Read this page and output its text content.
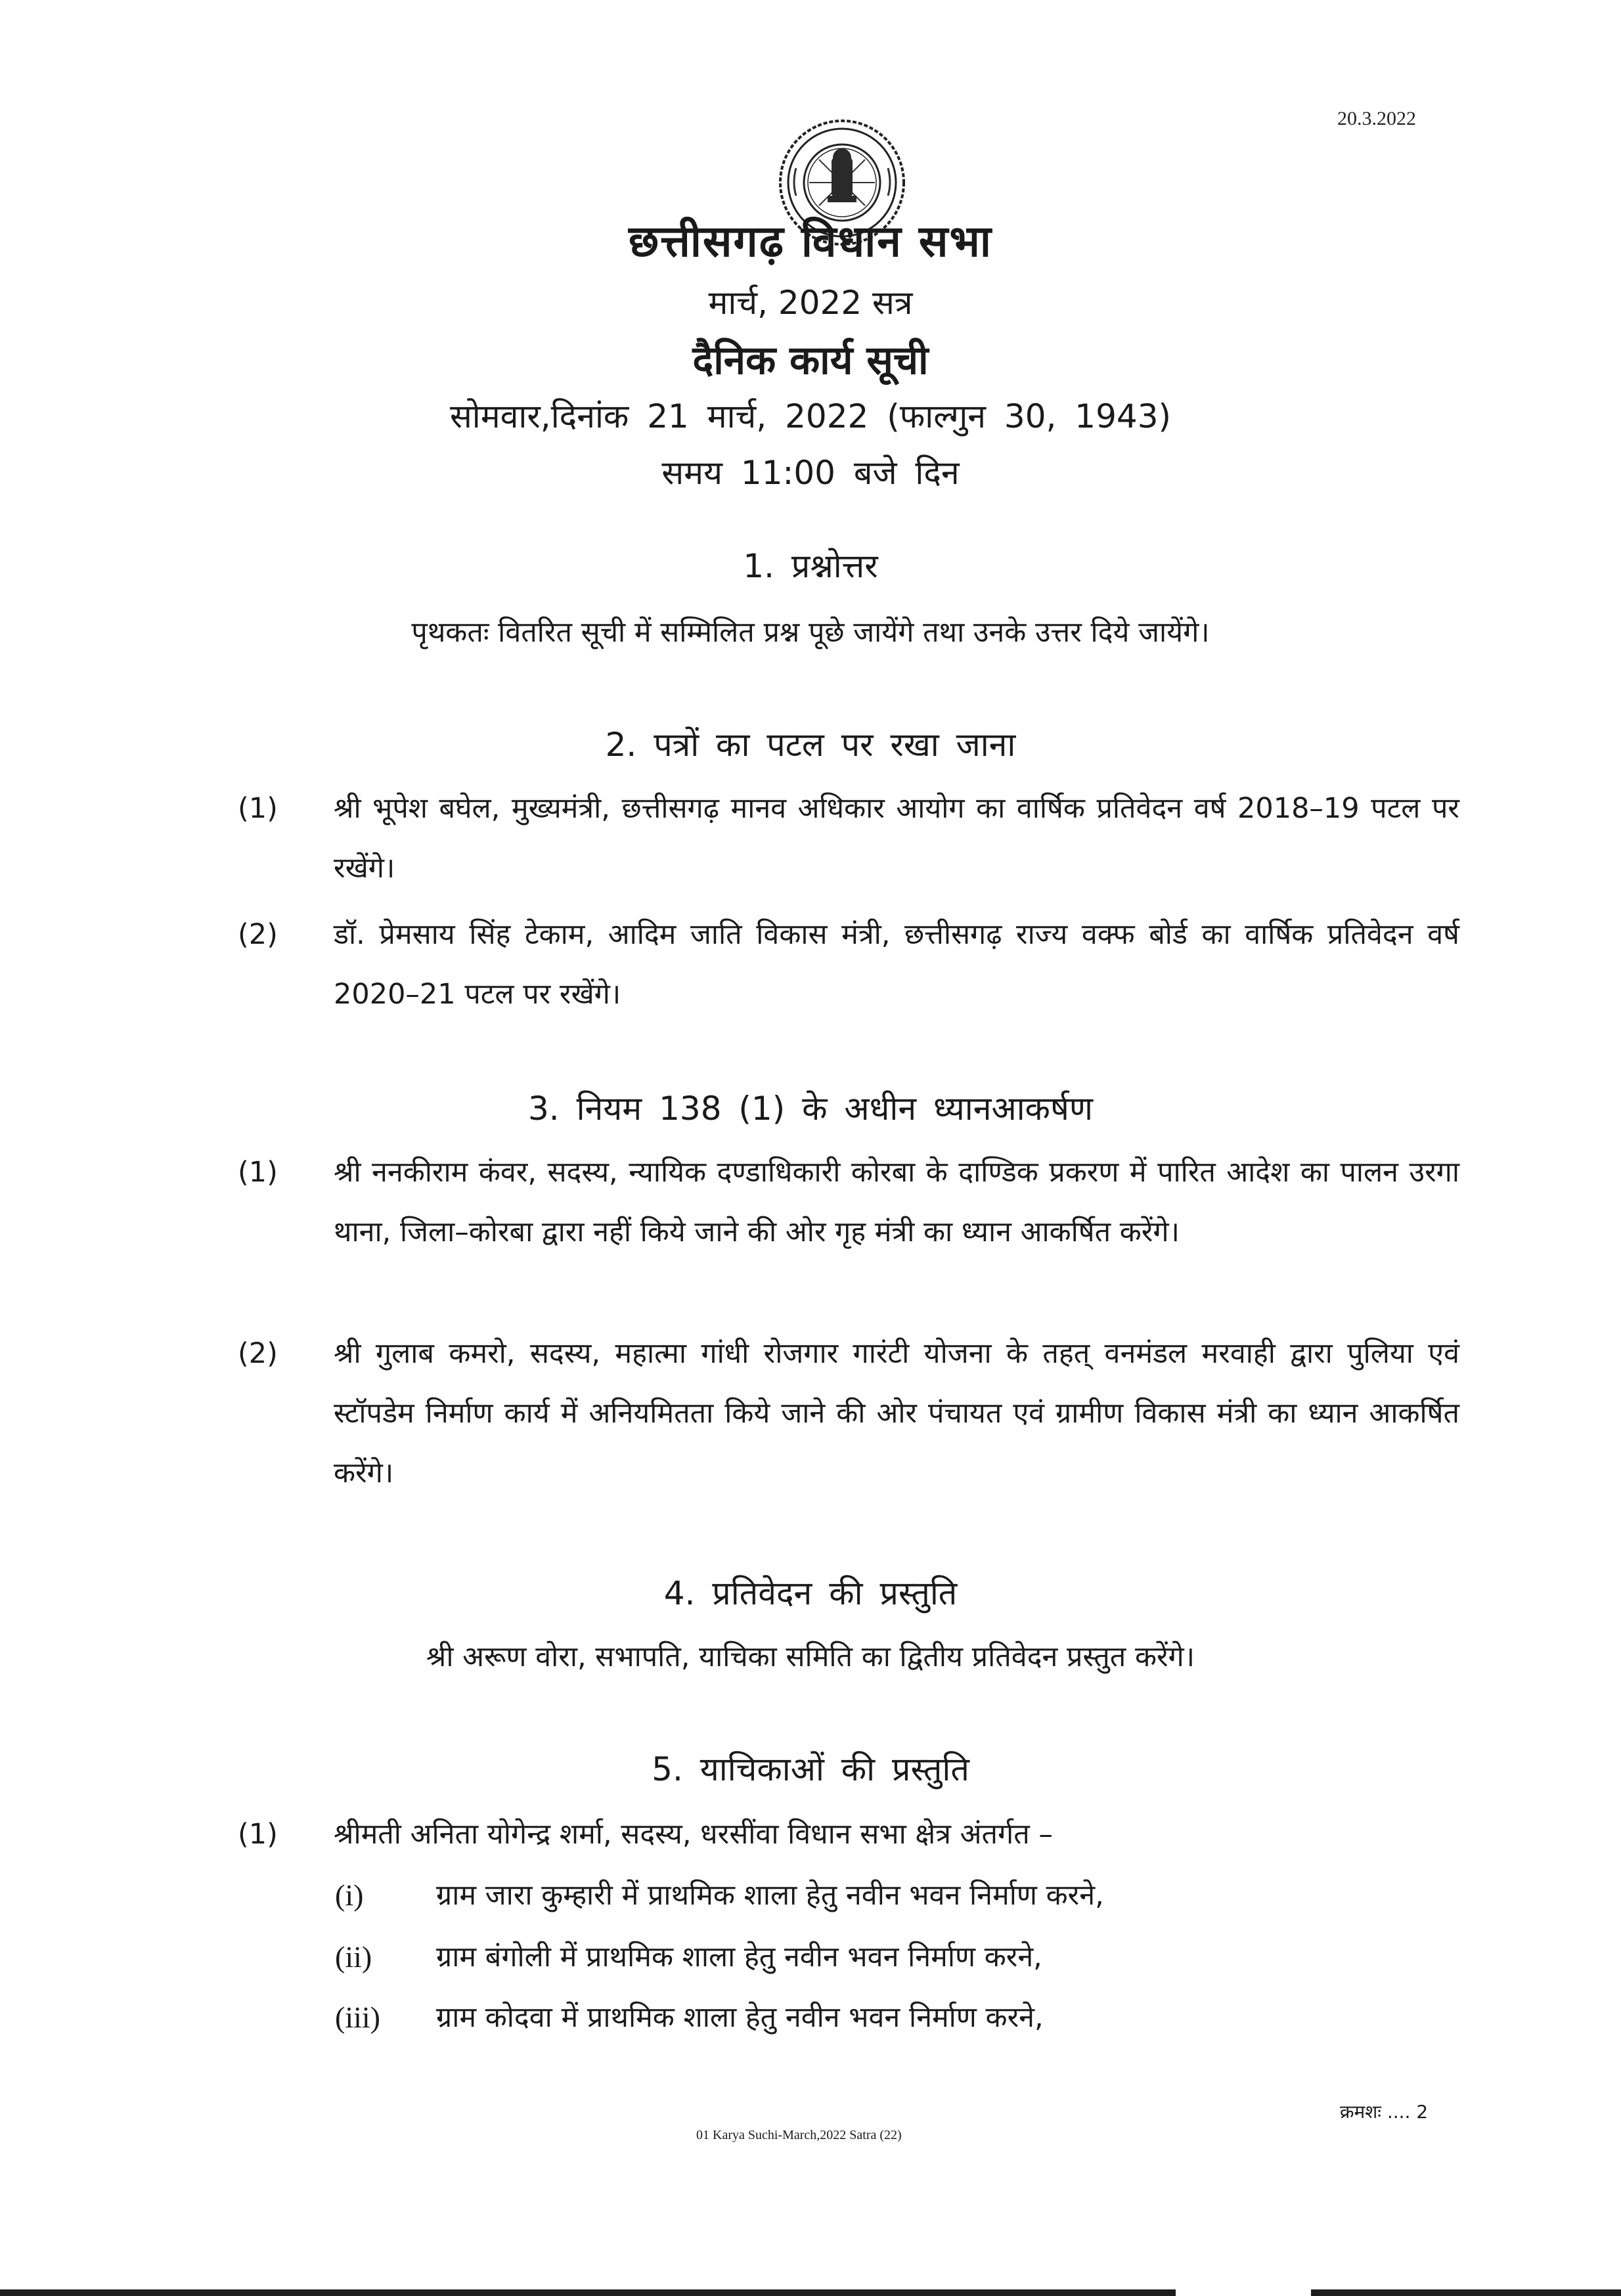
20.3.2022
छत्तीसगढ़ विधान सभा
मार्च, 2022 सत्र
दैनिक कार्य सूची
सोमवार,दिनांक 21 मार्च, 2022 (फाल्गुन 30, 1943)
समय 11:00 बजे दिन
1. प्रश्नोत्तर
पृथकतः वितरित सूची में सम्मिलित प्रश्न पूछे जायेंगे तथा उनके उत्तर दिये जायेंगे।
2. पत्रों का पटल पर रखा जाना
(1) श्री भूपेश बघेल, मुख्यमंत्री, छत्तीसगढ़ मानव अधिकार आयोग का वार्षिक प्रतिवेदन वर्ष 2018–19 पटल पर रखेंगे।
(2) डॉ. प्रेमसाय सिंह टेकाम, आदिम जाति विकास मंत्री, छत्तीसगढ़ राज्य वक्फ बोर्ड का वार्षिक प्रतिवेदन वर्ष 2020–21 पटल पर रखेंगे।
3. नियम 138 (1) के अधीन ध्यानआकर्षण
(1) श्री ननकीराम कंवर, सदस्य, न्यायिक दण्डाधिकारी कोरबा के दाण्डिक प्रकरण में पारित आदेश का पालन उरगा थाना, जिला–कोरबा द्वारा नहीं किये जाने की ओर गृह मंत्री का ध्यान आकर्षित करेंगे।
(2) श्री गुलाब कमरो, सदस्य, महात्मा गांधी रोजगार गारंटी योजना के तहत् वनमंडल मरवाही द्वारा पुलिया एवं स्टॉपडेम निर्माण कार्य में अनियमितता किये जाने की ओर पंचायत एवं ग्रामीण विकास मंत्री का ध्यान आकर्षित करेंगे।
4. प्रतिवेदन की प्रस्तुति
श्री अरूण वोरा, सभापति, याचिका समिति का द्वितीय प्रतिवेदन प्रस्तुत करेंगे।
5. याचिकाओं की प्रस्तुति
(1) श्रीमती अनिता योगेन्द्र शर्मा, सदस्य, धरसींवा विधान सभा क्षेत्र अंतर्गत –
(i)	ग्राम जारा कुम्हारी में प्राथमिक शाला हेतु नवीन भवन निर्माण करने,
(ii) ग्राम बंगोली में प्राथमिक शाला हेतु नवीन भवन निर्माण करने,
(iii) ग्राम कोदवा में प्राथमिक शाला हेतु नवीन भवन निर्माण करने,
क्रमशः .... 2
01 Karya Suchi-March,2022 Satra (22)
